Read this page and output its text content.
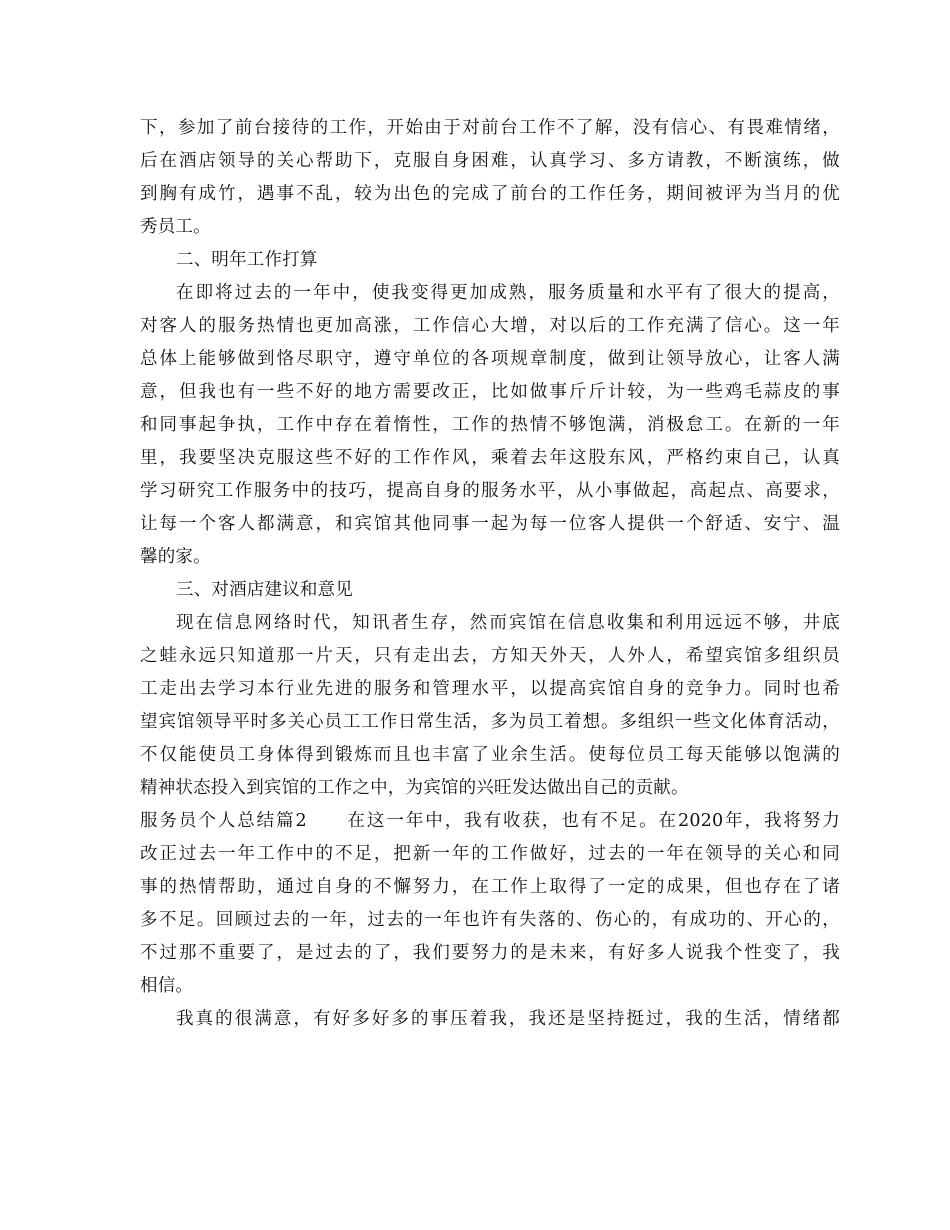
下，参加了前台接待的工作，开始由于对前台工作不了解，没有信心、有畏难情绪，
后在酒店领导的关心帮助下，克服自身困难，认真学习、多方请教，不断演练，做
到胸有成竹，遇事不乱，较为出色的完成了前台的工作任务，期间被评为当月的优
秀员工。
二、明年工作打算
在即将过去的一年中，使我变得更加成熟，服务质量和水平有了很大的提高，
对客人的服务热情也更加高涨，工作信心大增，对以后的工作充满了信心。这一年
总体上能够做到恪尽职守，遵守单位的各项规章制度，做到让领导放心，让客人满
意，但我也有一些不好的地方需要改正，比如做事斤斤计较，为一些鸡毛蒜皮的事
和同事起争执，工作中存在着惰性，工作的热情不够饱满，消极怠工。在新的一年
里，我要坚决克服这些不好的工作作风，乘着去年这股东风，严格约束自己，认真
学习研究工作服务中的技巧，提高自身的服务水平，从小事做起，高起点、高要求，
让每一个客人都满意，和宾馆其他同事一起为每一位客人提供一个舒适、安宁、温
馨的家。
三、对酒店建议和意见
现在信息网络时代，知讯者生存，然而宾馆在信息收集和利用远远不够，井底
之蛙永远只知道那一片天，只有走出去，方知天外天，人外人，希望宾馆多组织员
工走出去学习本行业先进的服务和管理水平，以提高宾馆自身的竞争力。同时也希
望宾馆领导平时多关心员工工作日常生活，多为员工着想。多组织一些文化体育活动，
不仅能使员工身体得到锻炼而且也丰富了业余生活。使每位员工每天能够以饱满的
精神状态投入到宾馆的工作之中，为宾馆的兴旺发达做出自己的贡献。
服务员个人总结篇2　　在这一年中，我有收获，也有不足。在2020年，我将努力
改正过去一年工作中的不足，把新一年的工作做好，过去的一年在领导的关心和同
事的热情帮助，通过自身的不懈努力，在工作上取得了一定的成果，但也存在了诸
多不足。回顾过去的一年，过去的一年也许有失落的、伤心的，有成功的、开心的，
不过那不重要了，是过去的了，我们要努力的是未来，有好多人说我个性变了，我
相信。
我真的很满意，有好多好多的事压着我，我还是坚持挺过，我的生活，情绪都
